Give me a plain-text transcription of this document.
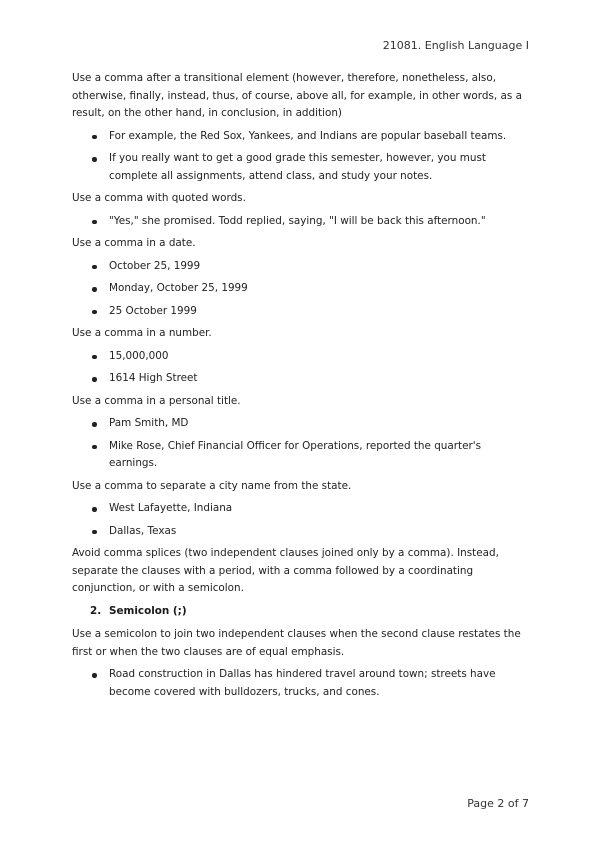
21081. English Language I

Use a comma after a transitional element (however, therefore, nonetheless, also, otherwise, finally, instead, thus, of course, above all, for example, in other words, as a result, on the other hand, in conclusion, in addition)

For example, the Red Sox, Yankees, and Indians are popular baseball teams.
If you really want to get a good grade this semester, however, you must complete all assignments, attend class, and study your notes.

Use a comma with quoted words.

"Yes," she promised. Todd replied, saying, "I will be back this afternoon."

Use a comma in a date.

October 25, 1999
Monday, October 25, 1999
25 October 1999

Use a comma in a number.

15,000,000
1614 High Street

Use a comma in a personal title.

Pam Smith, MD
Mike Rose, Chief Financial Officer for Operations, reported the quarter's earnings.

Use a comma to separate a city name from the state.

West Lafayette, Indiana
Dallas, Texas

Avoid comma splices (two independent clauses joined only by a comma). Instead, separate the clauses with a period, with a comma followed by a coordinating conjunction, or with a semicolon.

2. Semicolon (;)

Use a semicolon to join two independent clauses when the second clause restates the first or when the two clauses are of equal emphasis.

Road construction in Dallas has hindered travel around town; streets have become covered with bulldozers, trucks, and cones.
Page 2 of 7
